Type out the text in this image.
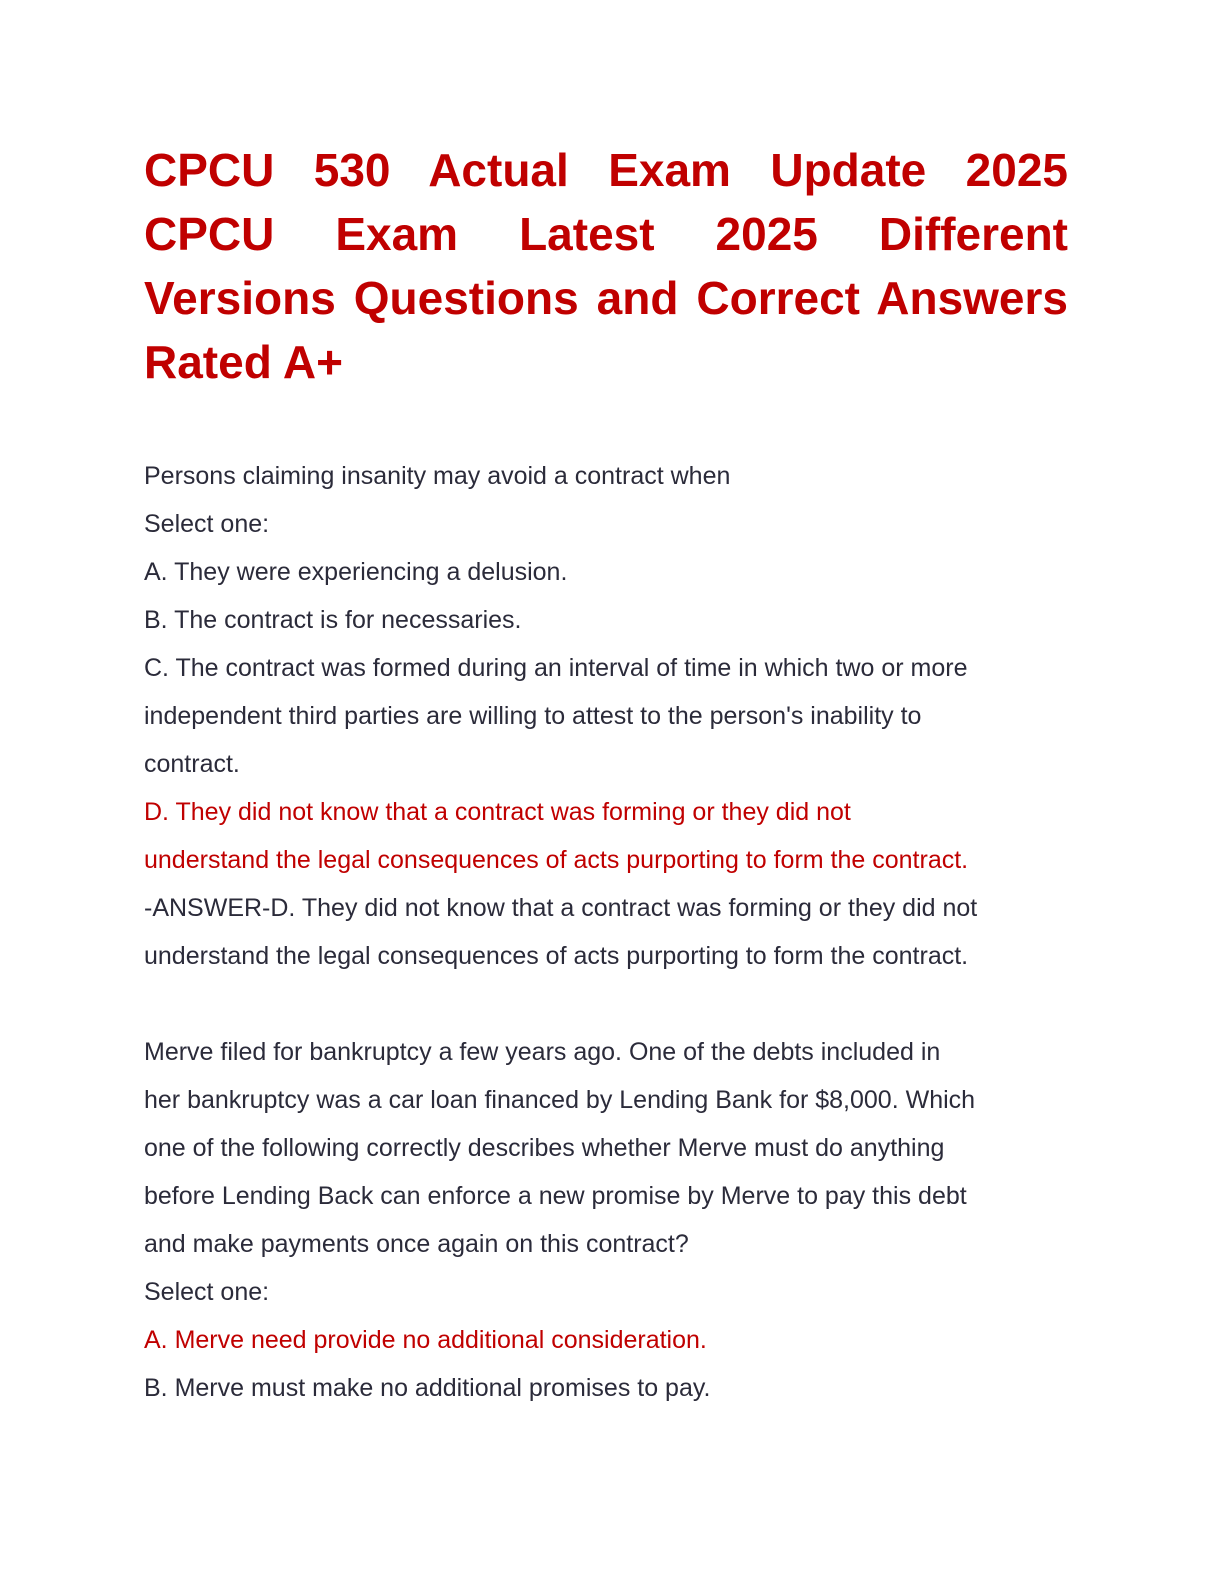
CPCU 530 Actual Exam Update 2025
CPCU Exam Latest 2025 Different
Versions Questions and Correct Answers
Rated A+
Persons claiming insanity may avoid a contract when
Select one:
A. They were experiencing a delusion.
B. The contract is for necessaries.
C. The contract was formed during an interval of time in which two or more
independent third parties are willing to attest to the person's inability to
contract.
D. They did not know that a contract was forming or they did not
understand the legal consequences of acts purporting to form the contract.
-ANSWER-D. They did not know that a contract was forming or they did not
understand the legal consequences of acts purporting to form the contract.
Merve filed for bankruptcy a few years ago. One of the debts included in
her bankruptcy was a car loan financed by Lending Bank for $8,000. Which
one of the following correctly describes whether Merve must do anything
before Lending Back can enforce a new promise by Merve to pay this debt
and make payments once again on this contract?
Select one:
A. Merve need provide no additional consideration.
B. Merve must make no additional promises to pay.
